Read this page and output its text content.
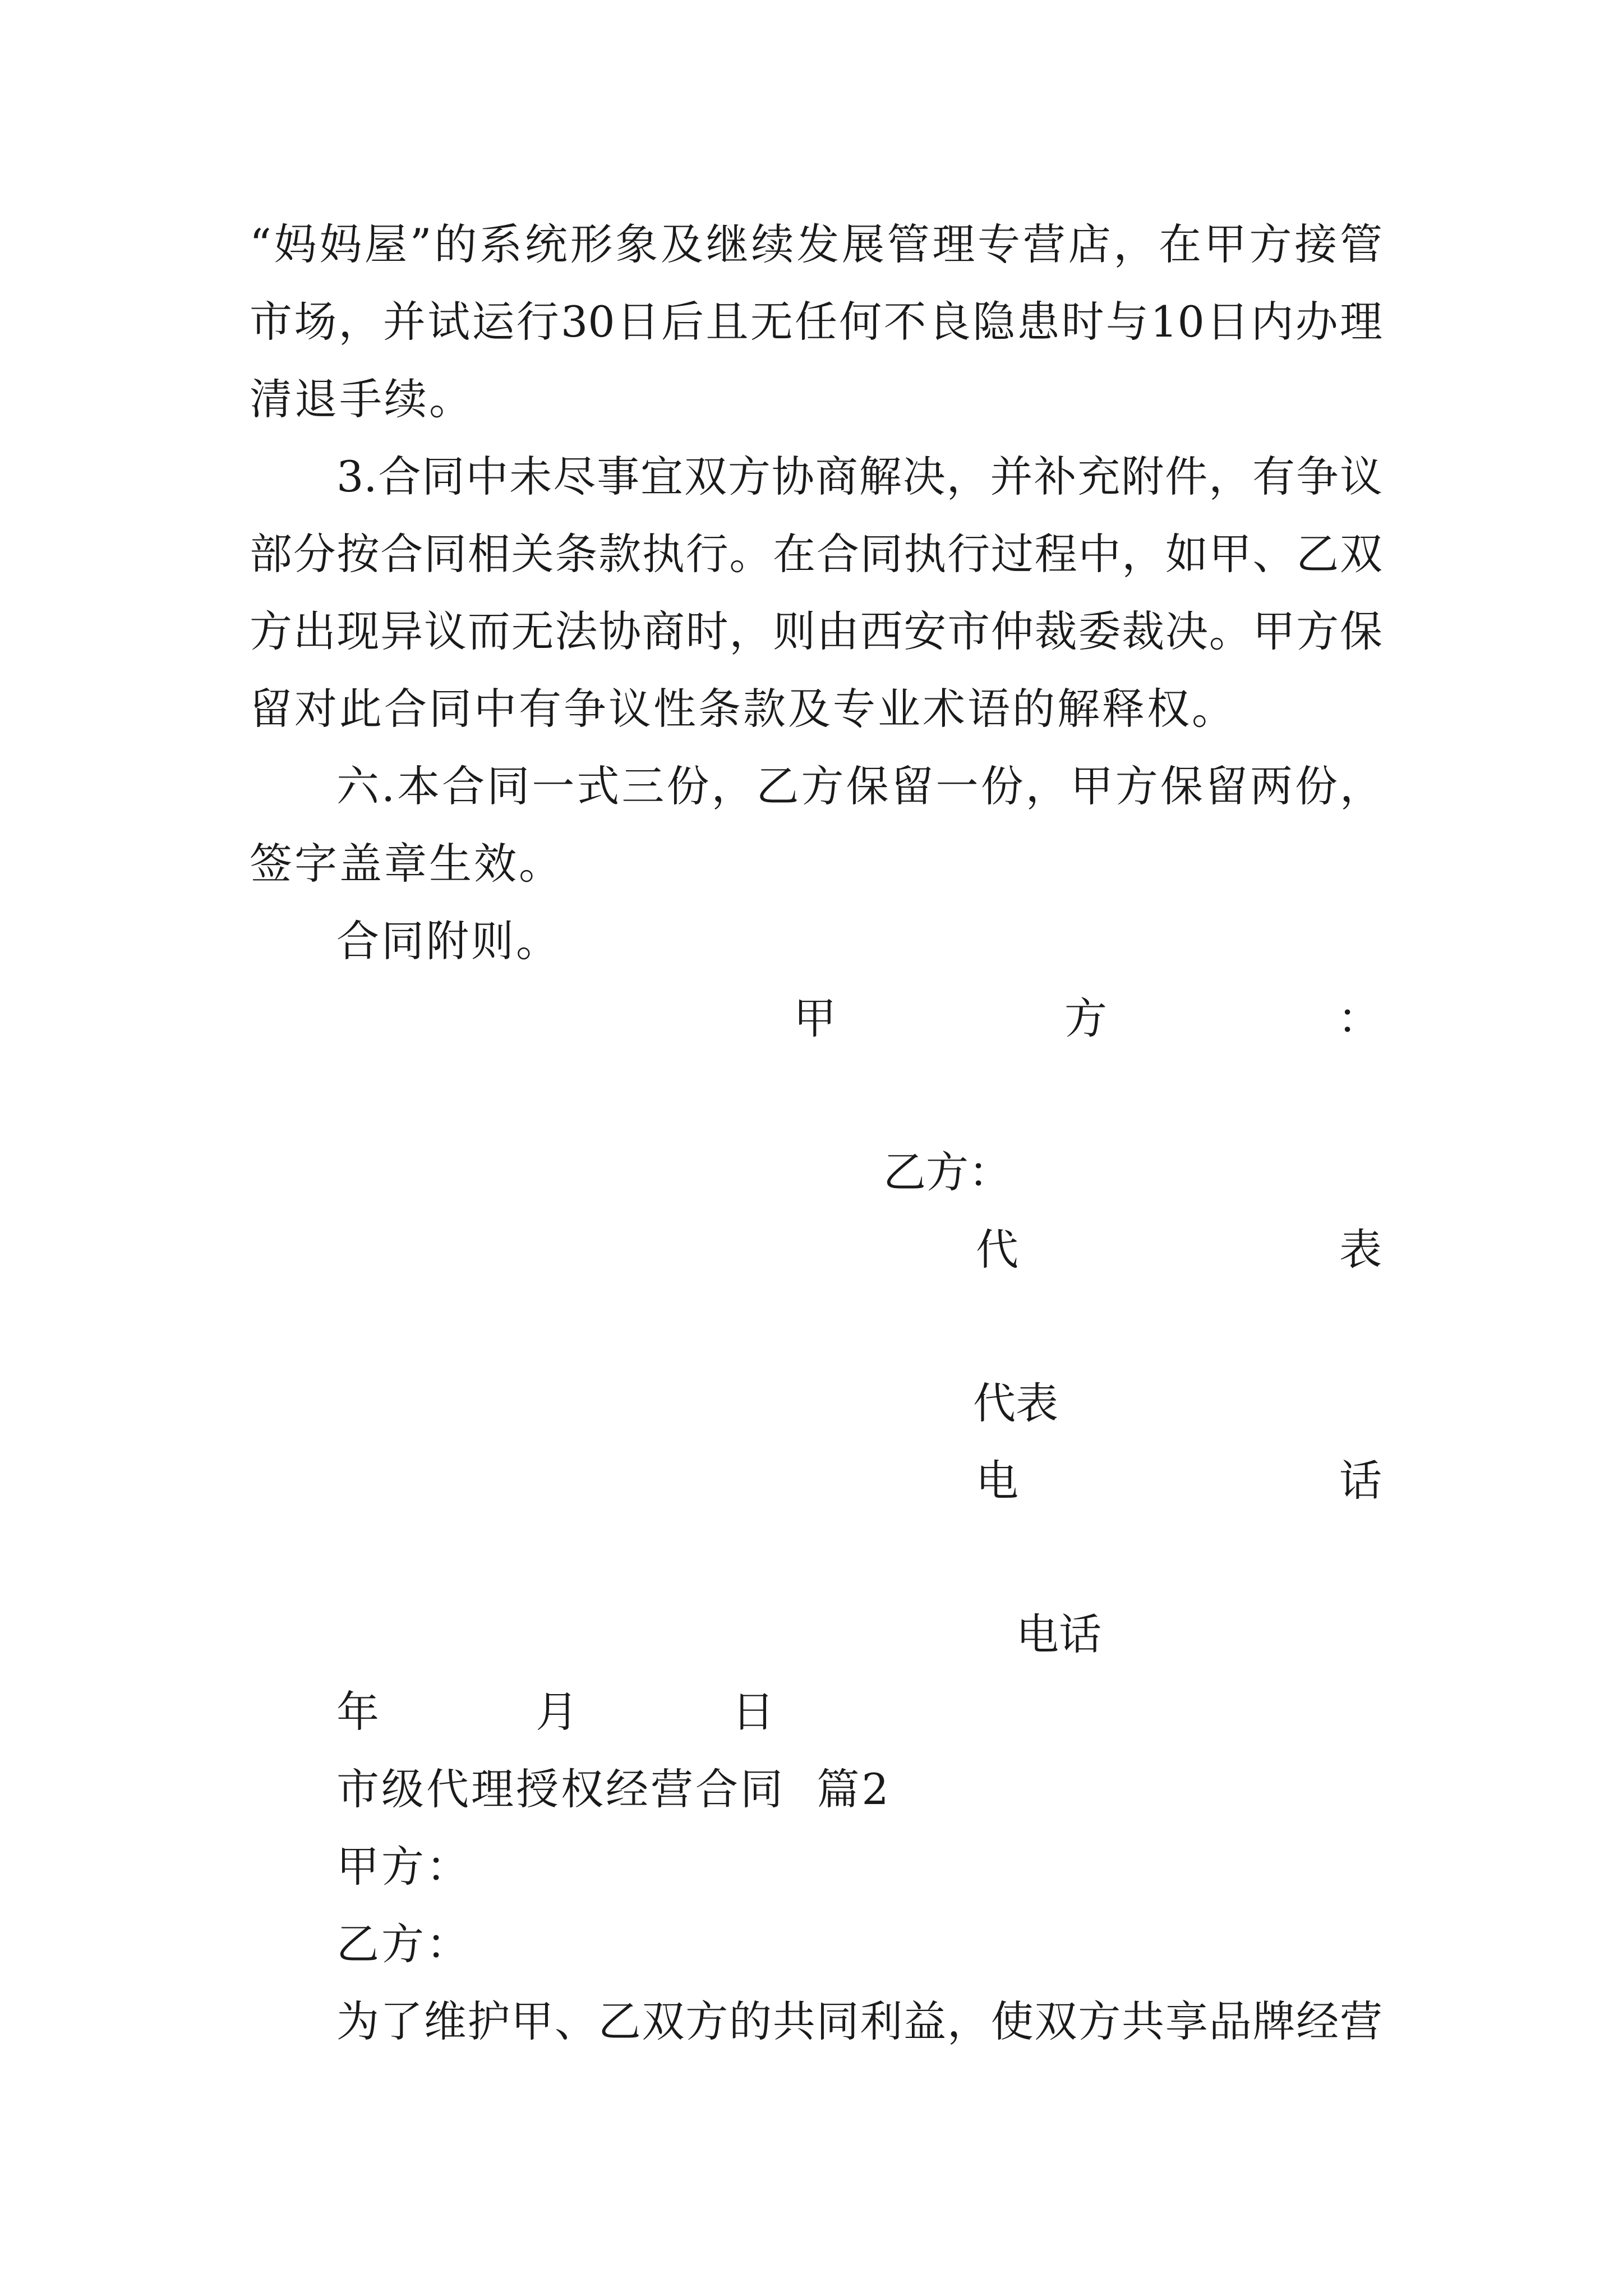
“妈妈屋”的系统形象及继续发展管理专营店，在甲方接管
市场，并试运行30日后且无任何不良隐患时与10日内办理
清退手续。
3.合同中未尽事宜双方协商解决，并补充附件，有争议
部分按合同相关条款执行。在合同执行过程中，如甲、乙双
方出现异议而无法协商时，则由西安市仲裁委裁决。甲方保
留对此合同中有争议性条款及专业术语的解释权。
六.本合同一式三份，乙方保留一份，甲方保留两份，
签字盖章生效。
合同附则。
甲	方	：
乙方：
代	表
代表
电	话
电话
年	月	日
市级代理授权经营合同  篇2
甲方：
乙方：
为了维护甲、乙双方的共同利益，使双方共享品牌经营
